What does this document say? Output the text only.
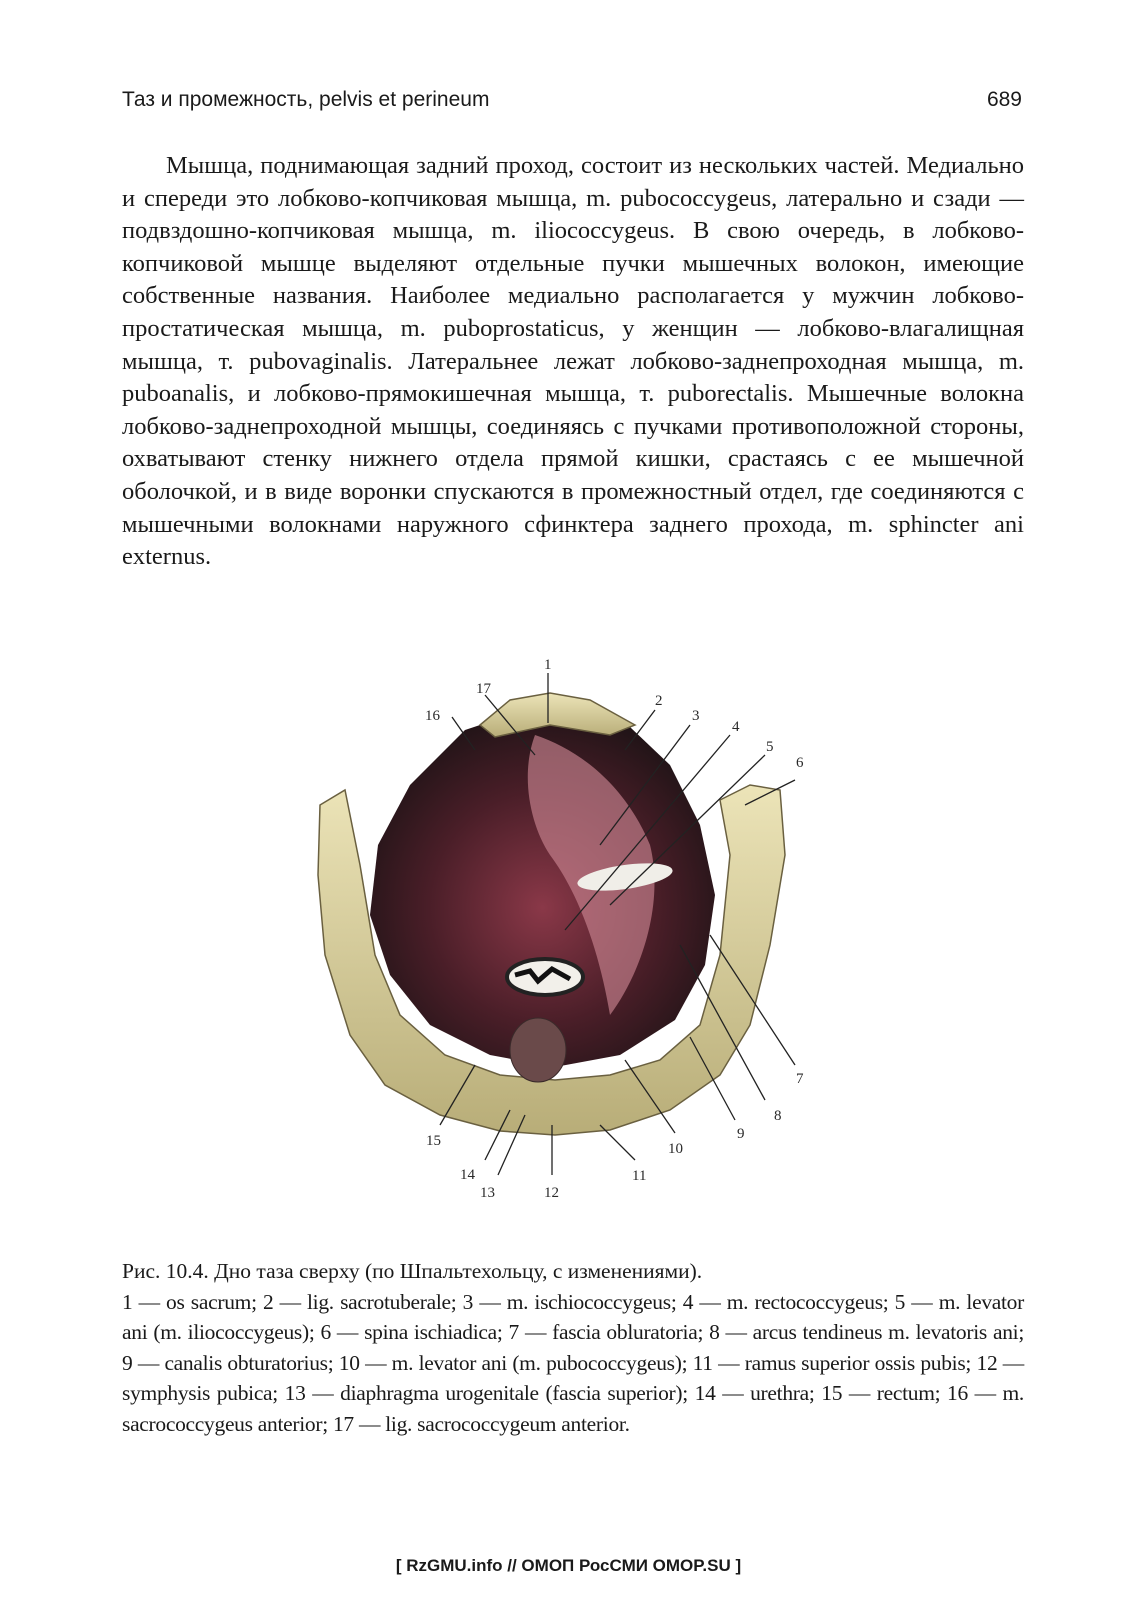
Таз и промежность, pelvis et perineum	689

Мышца, поднимающая задний проход, состоит из нескольких частей. Медиально и спереди это лобково-копчиковая мышца, m. pubococcygeus, латерально и сзади — подвздошно-копчиковая мышца, m. iliococcygeus. В свою очередь, в лобково-копчиковой мышце выделяют отдельные пучки мышечных волокон, имеющие собственные названия. Наиболее медиально располагается у мужчин лобково-простатическая мышца, m. puboprostaticus, у женщин — лобково-влагалищная мышца, т. pubovaginalis. Латеральнее лежат лобково-заднепроходная мышца, m. puboanalis, и лобково-прямокишечная мышца, т. puborectalis. Мышечные волокна лобково-заднепроходной мышцы, соединяясь с пучками противоположной стороны, охватывают стенку нижнего отдела прямой кишки, срастаясь с ее мышечной оболочкой, и в виде воронки спускаются в промежностный отдел, где соединяются с мышечными волокнами наружного сфинктера заднего прохода, m. sphincter ani externus.

1
2
3
4
5
6
7
8
9
10
11
12
13
14
15
16
17
Рис. 10.4. Дно таза сверху (по Шпальтехольцу, с изменениями).
1 — os sacrum; 2 — lig. sacrotuberale; 3 — m. ischiococcygeus; 4 — m. rectococcygeus; 5 — m. levator ani (m. iliococcygeus); 6 — spina ischiadica; 7 — fascia obluratoria; 8 — arcus tendineus m. levatoris ani; 9 — canalis obturatorius; 10 — m. levator ani (m. pubococcygeus); 11 — ramus superior ossis pubis; 12 — symphysis pubica; 13 — diaphragma urogenitale (fascia superior); 14 — urethra; 15 — rectum; 16 — m. sacrococcygeus anterior; 17 — lig. sacrococcygeum anterior.
[ RzGMU.info // ОМОП РосСМИ OMOP.SU ]
